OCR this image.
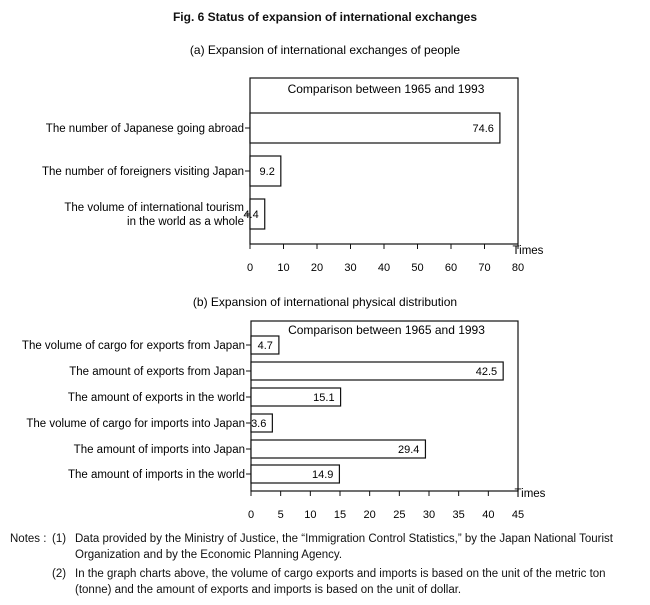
Fig. 6 Status of expansion of international exchanges
(a) Expansion of international exchanges of people
Comparison between 1965 and 1993
74.6
The number of Japanese going abroad
9.2
The number of foreigners visiting Japan
4.4
The volume of international tourism
in the world as a whole
0 10 20 30 40 50 60 70 80
Times
(b) Expansion of international physical distribution
Comparison between 1965 and 1993
4.7
The volume of cargo for exports from Japan
42.5
The amount of exports from Japan
15.1
The amount of exports in the world
3.6
The volume of cargo for imports into Japan
29.4
The amount of imports into Japan
14.9
The amount of imports in the world
0 5 10 15 20 25 30 35 40 45
Times
Notes : (1) Data provided by the Ministry of Justice, the “Immigration Control Statistics,” by the Japan National Tourist
Organization and by the Economic Planning Agency.
(2) In the graph charts above, the volume of cargo exports and imports is based on the unit of the metric ton
(tonne) and the amount of exports and imports is based on the unit of dollar.
